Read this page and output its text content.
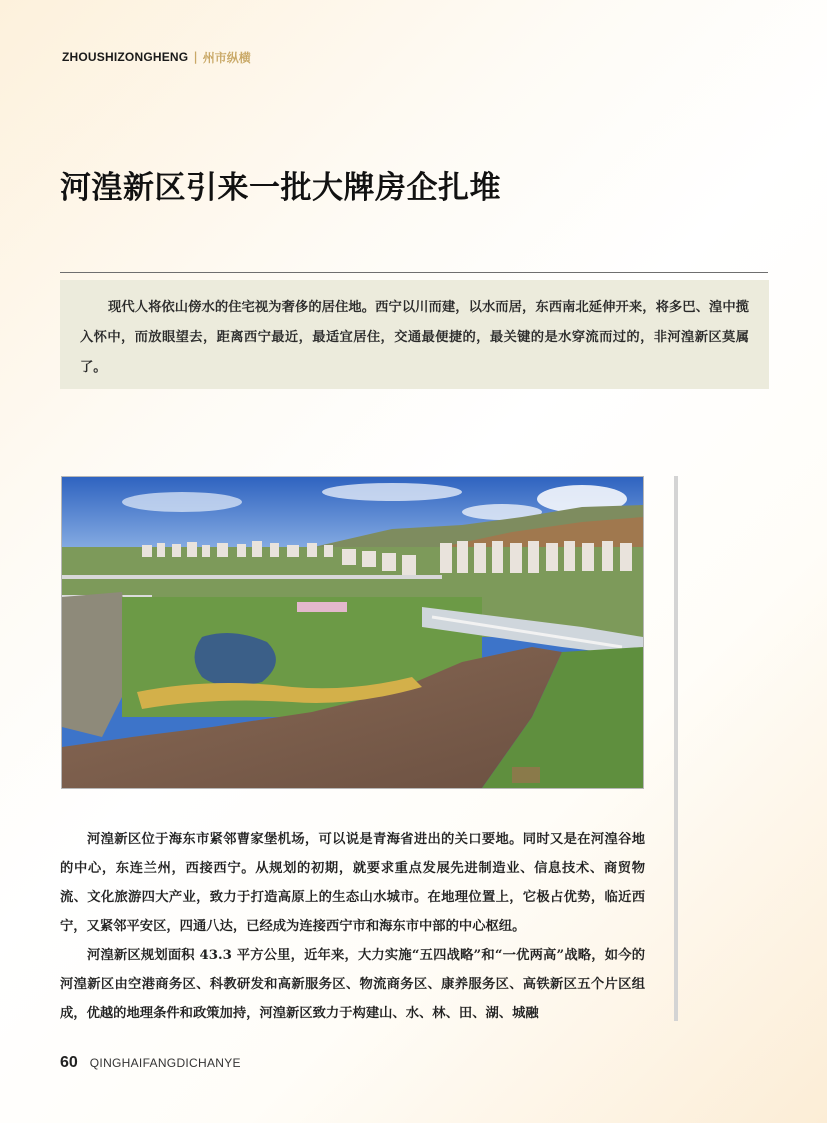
ZHOUSHIZONGHENG | 州市纵横
河湟新区引来一批大牌房企扎堆

现代人将依山傍水的住宅视为奢侈的居住地。西宁以川而建，以水而居，东西南北延伸开来，将多巴、湟中揽入怀中，而放眼望去，距离西宁最近，最适宜居住，交通最便捷的，最关键的是水穿流而过的，非河湟新区莫属了。

河湟新区位于海东市紧邻曹家堡机场，可以说是青海省进出的关口要地。同时又是在河湟谷地的中心，东连兰州，西接西宁。从规划的初期，就要求重点发展先进制造业、信息技术、商贸物流、文化旅游四大产业，致力于打造高原上的生态山水城市。在地理位置上，它极占优势，临近西宁，又紧邻平安区，四通八达，已经成为连接西宁市和海东市中部的中心枢纽。

河湟新区规划面积 43.3 平方公里，近年来，大力实施“五四战略”和“一优两高”战略，如今的河湟新区由空港商务区、科教研发和高新服务区、物流商务区、康养服务区、高铁新区五个片区组成，优越的地理条件和政策加持，河湟新区致力于构建山、水、林、田、湖、城融

60 QINGHAIFANGDICHANYE
